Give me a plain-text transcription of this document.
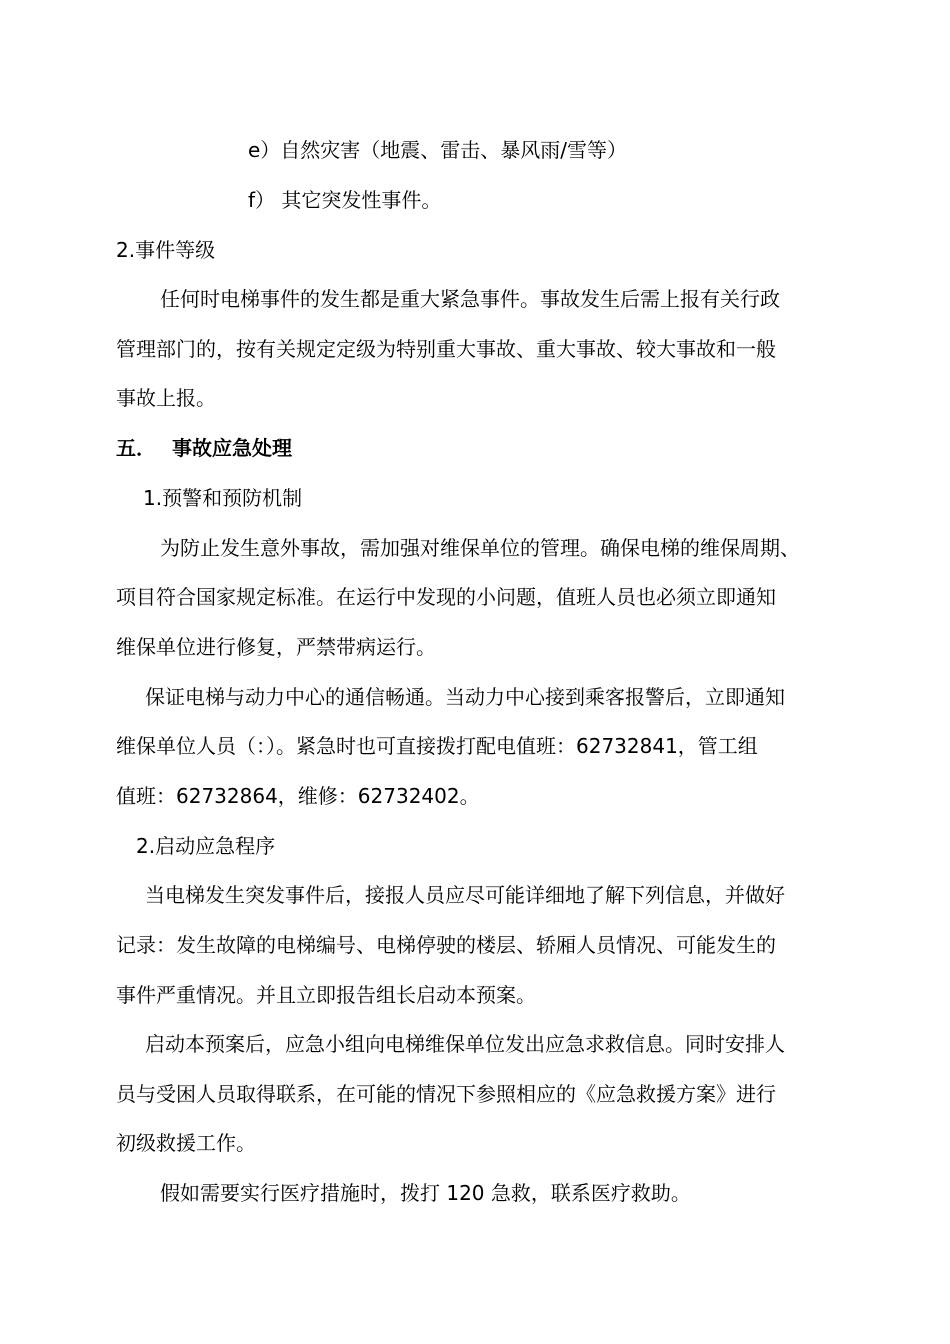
e）自然灾害（地震、雷击、暴风雨/雪等）
f） 其它突发性事件。
2.事件等级
任何时电梯事件的发生都是重大紧急事件。事故发生后需上报有关行政
管理部门的，按有关规定定级为特别重大事故、重大事故、较大事故和一般
事故上报。
五． 事故应急处理
1.预警和预防机制
为防止发生意外事故，需加强对维保单位的管理。确保电梯的维保周期、
项目符合国家规定标准。在运行中发现的小问题，值班人员也必须立即通知
维保单位进行修复，严禁带病运行。
保证电梯与动力中心的通信畅通。当动力中心接到乘客报警后，立即通知
维保单位人员（：）。紧急时也可直接拨打配电值班：62732841，管工组
值班：62732864，维修：62732402。
2.启动应急程序
当电梯发生突发事件后，接报人员应尽可能详细地了解下列信息，并做好
记录：发生故障的电梯编号、电梯停驶的楼层、轿厢人员情况、可能发生的
事件严重情况。并且立即报告组长启动本预案。
启动本预案后，应急小组向电梯维保单位发出应急求救信息。同时安排人
员与受困人员取得联系，在可能的情况下参照相应的《应急救援方案》进行
初级救援工作。
假如需要实行医疗措施时，拨打 120 急救，联系医疗救助。
